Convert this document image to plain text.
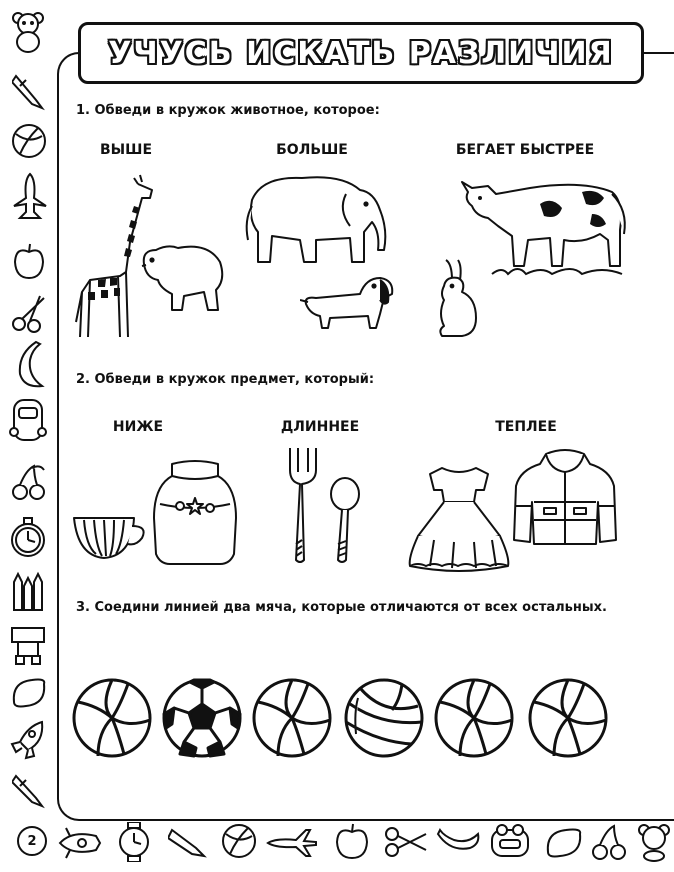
УЧУСЬ ИСКАТЬ РАЗЛИЧИЯ
1. Обведи в кружок животное, которое:
ВЫШЕ	БОЛЬШЕ	БЕГАЕТ БЫСТРЕЕ
2. Обведи в кружок предмет, который:
НИЖЕ	ДЛИННЕЕ	ТЕПЛЕЕ
3. Соедини линией два мяча, которые отличаются от всех остальных.
2
